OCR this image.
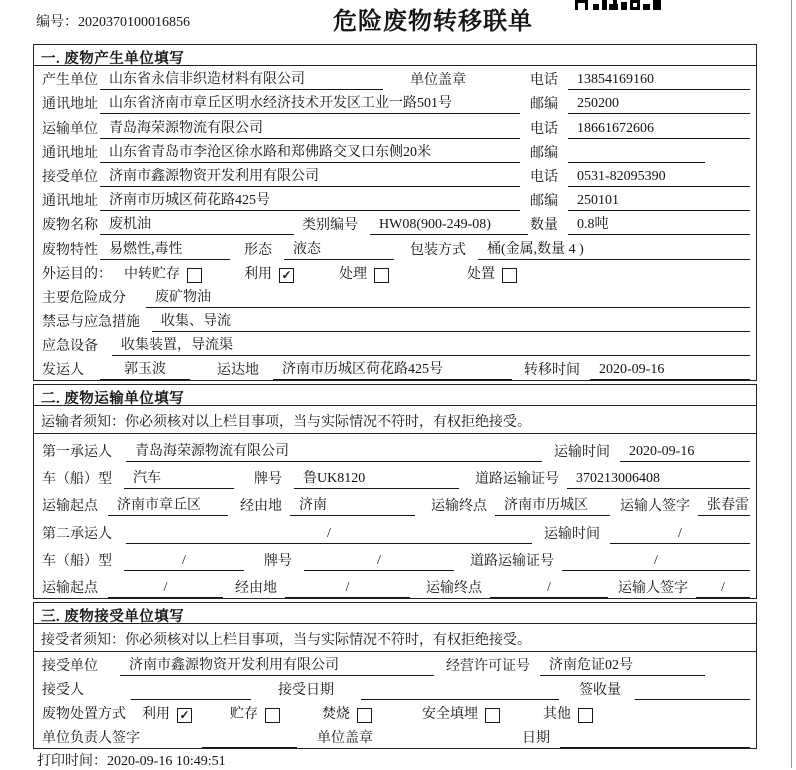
编号：2020370100016856	危险废物转移联单
一. 废物产生单位填写
产生单位 山东省永信非织造材料有限公司	单位盖章	电话	13854169160
通讯地址 山东省济南市章丘区明水经济技术开发区工业一路501号	邮编	250200
运输单位 青岛海荣源物流有限公司	电话	18661672606
通讯地址 山东省青岛市李沧区徐水路和郑佛路交叉口东侧20米	邮编
接受单位 济南市鑫源物资开发利用有限公司	电话	0531-82095390
通讯地址 济南市历城区荷花路425号	邮编	250101
废物名称 废机油	类别编号	HW08(900-249-08)	数量	0.8吨
废物特性 易燃性,毒性	形态	液态	包装方式	桶(金属,数量 4 )
外运目的： 中转贮存	利用 ✓	处理	处置
主要危险成分	废矿物油
禁忌与应急措施	收集、导流
应急设备	收集装置，导流渠
发运人	郭玉波	运达地	济南市历城区荷花路425号	转移时间	2020-09-16
二. 废物运输单位填写
运输者须知：你必须核对以上栏目事项，当与实际情况不符时，有权拒绝接受。
第一承运人	青岛海荣源物流有限公司	运输时间	2020-09-16
车（船）型	汽车	牌号	鲁UK8120	道路运输证号	370213006408
运输起点	济南市章丘区	经由地	济南	运输终点	济南市历城区	运输人签字	张春雷
第二承运人	/	运输时间	/
车（船）型	/	牌号	/	道路运输证号	/
运输起点	/	经由地	/	运输终点	/	运输人签字	/
三. 废物接受单位填写
接受者须知：你必须核对以上栏目事项，当与实际情况不符时，有权拒绝接受。
接受单位	济南市鑫源物资开发利用有限公司	经营许可证号	济南危证02号
接受人	接受日期	签收量
废物处置方式 利用 ✓	贮存	焚烧	安全填埋	其他
单位负责人签字	单位盖章	日期
打印时间：2020-09-16 10:49:51
